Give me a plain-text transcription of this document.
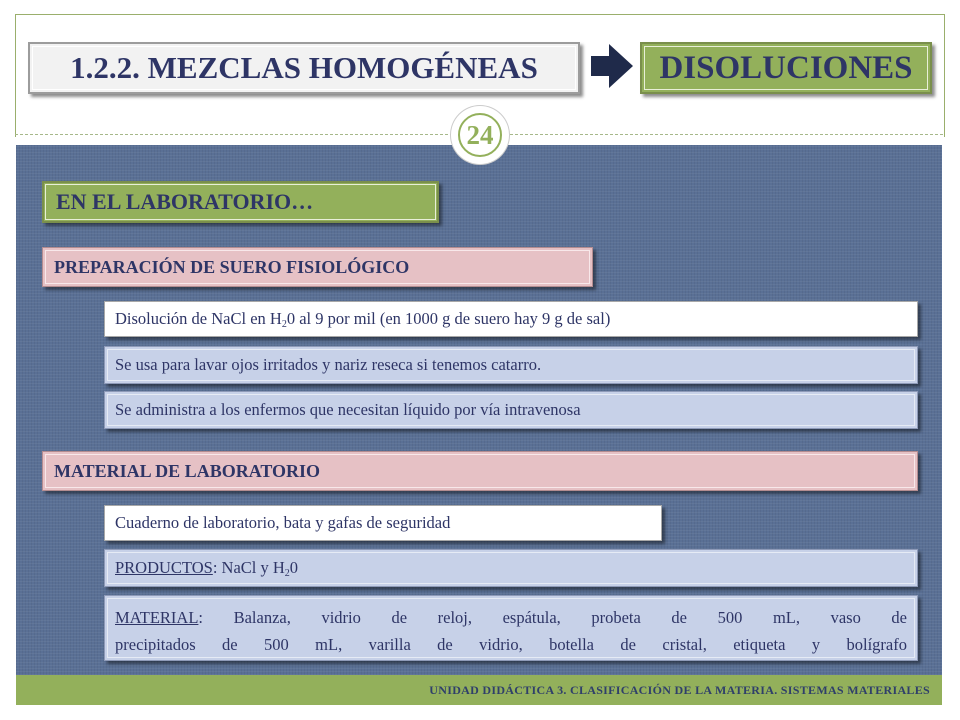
1.2.2. MEZCLAS HOMOGÉNEAS	DISOLUCIONES
24
EN EL LABORATORIO…
PREPARACIÓN DE SUERO FISIOLÓGICO
Disolución de NaCl en $H_20$ al 9 por mil (en 1000 g de suero hay 9 g de sal)
Se usa para lavar ojos irritados y nariz reseca si tenemos catarro.
Se administra a los enfermos que necesitan líquido por vía intravenosa
MATERIAL DE LABORATORIO
Cuaderno de laboratorio, bata y gafas de seguridad
PRODUCTOS: NaCl y $H_20$
MATERIAL: Balanza, vidrio de reloj, espátula, probeta de 500 mL, vaso de
precipitados de 500 mL, varilla de vidrio, botella de cristal, etiqueta y bolígrafo
UNIDAD DIDÁCTICA 3. CLASIFICACIÓN DE LA MATERIA. SISTEMAS MATERIALES
